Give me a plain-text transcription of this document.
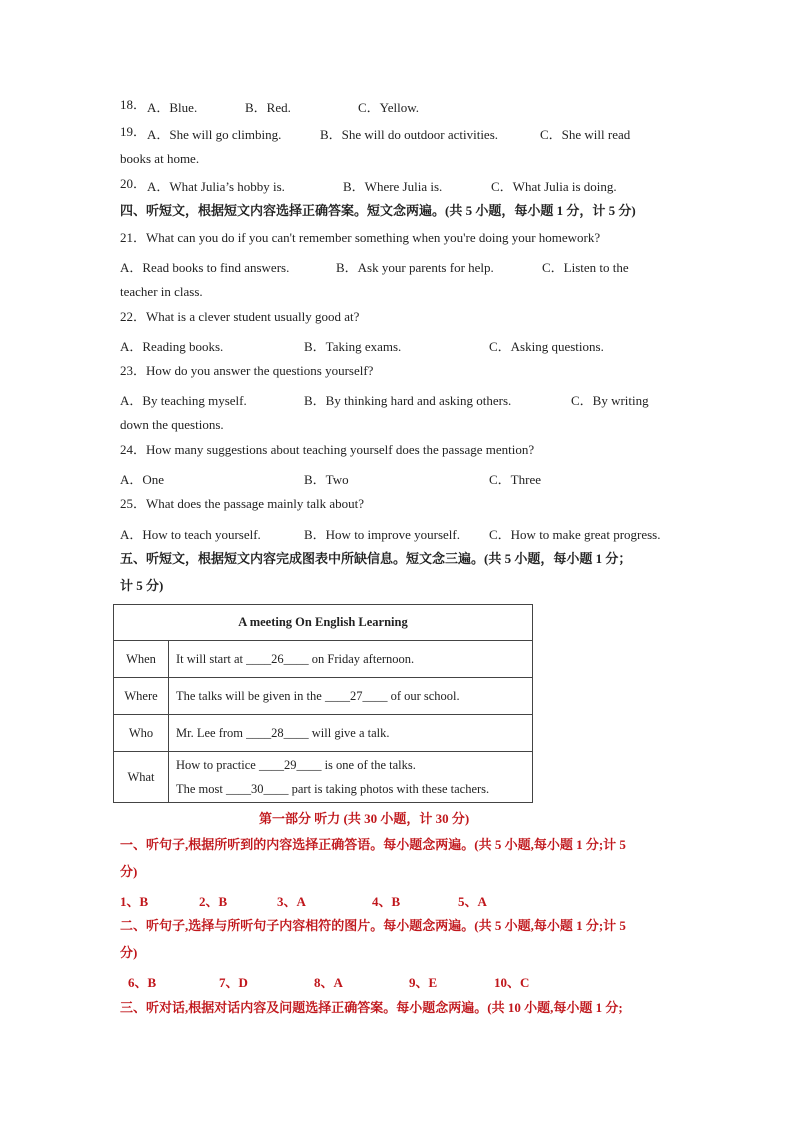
18． A．Blue.	B．Red.	C．Yellow.
19． A．She will go climbing.	B．She will do outdoor activities.	C．She will read
books at home.
20． A．What Julia’s hobby is.	B．Where Julia is.	C．What Julia is doing.
四、听短文，根据短文内容选择正确答案。短文念两遍。(共 5 小题，每小题 1 分，计 5 分)
21．What can you do if you can't remember something when you're doing your homework?
A．Read books to find answers.	B．Ask your parents for help.	C．Listen to the
teacher in class.
22．What is a clever student usually good at?
A．Reading books.	B．Taking exams.	C．Asking questions.
23．How do you answer the questions yourself?
A．By teaching myself.	B．By thinking hard and asking others.	C．By writing
down the questions.
24．How many suggestions about teaching yourself does the passage mention?
A．One	B．Two	C．Three
25．What does the passage mainly talk about?
A．How to teach yourself.	B．How to improve yourself. C．How to make great progress.
五、听短文，根据短文内容完成图表中所缺信息。短文念三遍。(共 5 小题，每小题 1 分；
计 5 分)
A meeting On English Learning	
When	It will start at ____26____ on Friday afternoon.
Where	The talks will be given in the ____27____ of our school.
Who	Mr. Lee from ____28____ will give a talk.
What	How to practice ____29____ is one of the talks.
The most ____30____ part is taking photos with these tachers.
第一部分 听力 (共 30 小题，计 30 分)
一、听句子,根据所听到的内容选择正确答语。每小题念两遍。(共 5 小题,每小题 1 分;计 5
分)
1、B	2、B	3、A	4、B	5、A
二、听句子,选择与所听句子内容相符的图片。每小题念两遍。(共 5 小题,每小题 1 分;计 5
分)
6、B	7、D	8、A	9、E	10、C
三、听对话,根据对话内容及问题选择正确答案。每小题念两遍。(共 10 小题,每小题 1 分;
